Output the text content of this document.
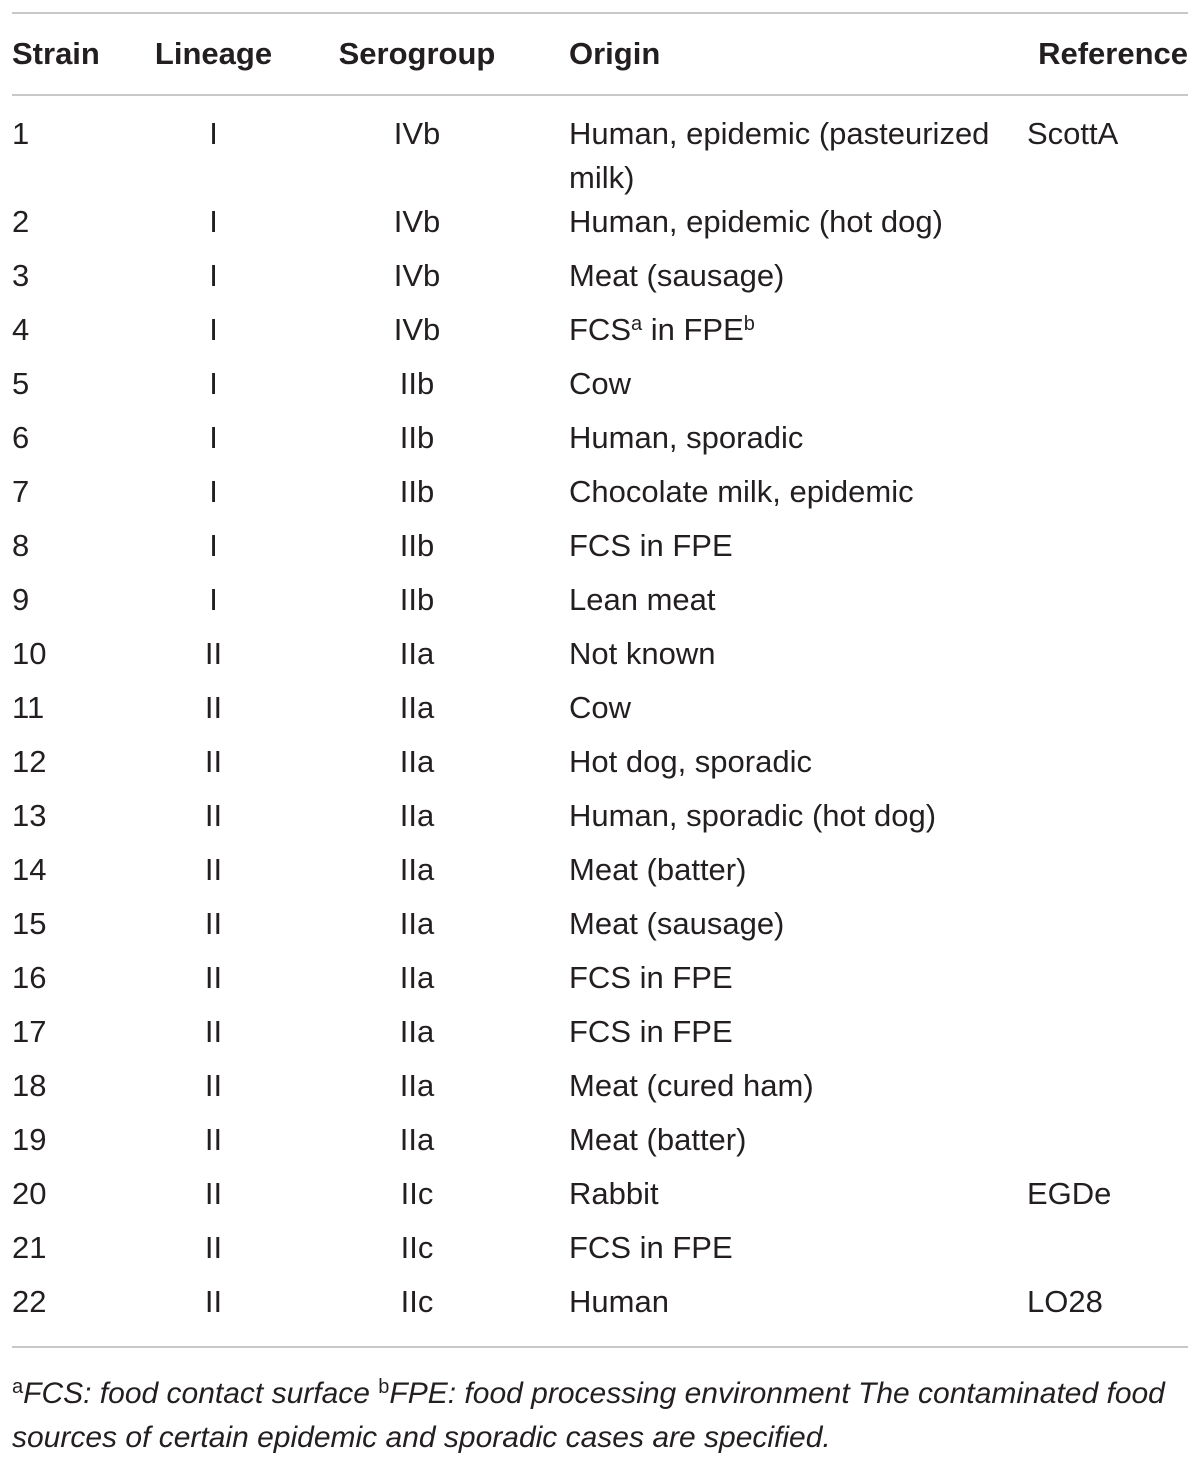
Strain	Lineage	Serogroup	Origin	Reference
1	I	IVb	Human, epidemic (pasteurized milk)	ScottA
2	I	IVb	Human, epidemic (hot dog)	
3	I	IVb	Meat (sausage)	
4	I	IVb	FCS$^a$ in FPE$^b$	
5	I	IIb	Cow	
6	I	IIb	Human, sporadic	
7	I	IIb	Chocolate milk, epidemic	
8	I	IIb	FCS in FPE	
9	I	IIb	Lean meat	
10	II	IIa	Not known	
11	II	IIa	Cow	
12	II	IIa	Hot dog, sporadic	
13	II	IIa	Human, sporadic (hot dog)	
14	II	IIa	Meat (batter)	
15	II	IIa	Meat (sausage)	
16	II	IIa	FCS in FPE	
17	II	IIa	FCS in FPE	
18	II	IIa	Meat (cured ham)	
19	II	IIa	Meat (batter)	
20	II	IIc	Rabbit	EGDe
21	II	IIc	FCS in FPE	
22	II	IIc	Human	LO28
$^a$FCS: food contact surface $^b$FPE: food processing environment The contaminated food sources of certain epidemic and sporadic cases are specified.
